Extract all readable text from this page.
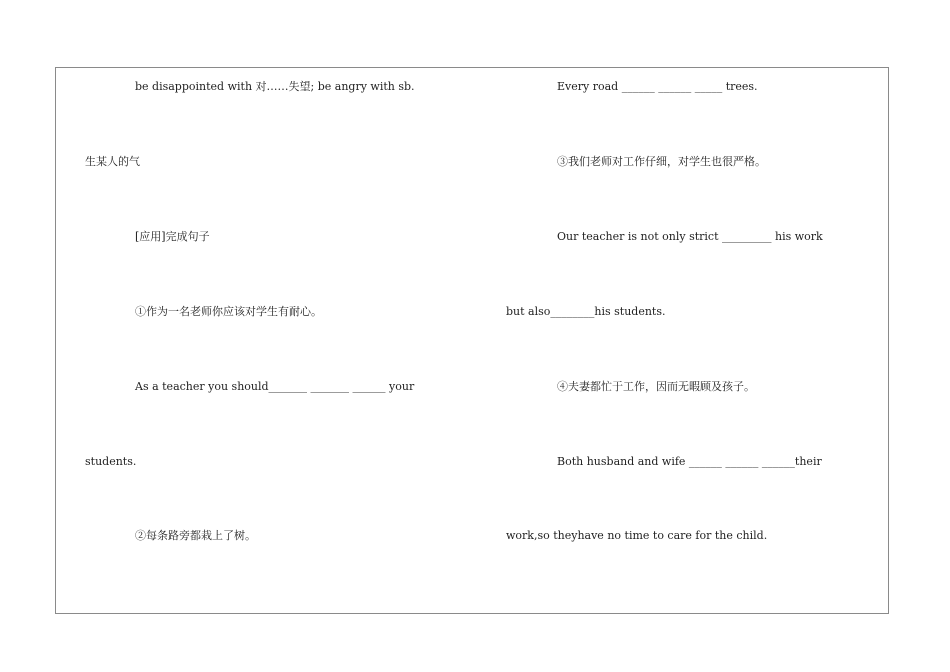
be disappointed with 对……失望; be angry with sb.
生某人的气
[应用]完成句子
①作为一名老师你应该对学生有耐心。
As a teacher you should_______ _______ ______ your
students.
②每条路旁都栽上了树。
Every road ______ ______ _____ trees.
③我们老师对工作仔细，对学生也很严格。
Our teacher is not only strict _________ his work
but also________his students.
④夫妻都忙于工作，因而无暇顾及孩子。
Both husband and wife ______ ______ ______their
work,so theyhave no time to care for the child.
